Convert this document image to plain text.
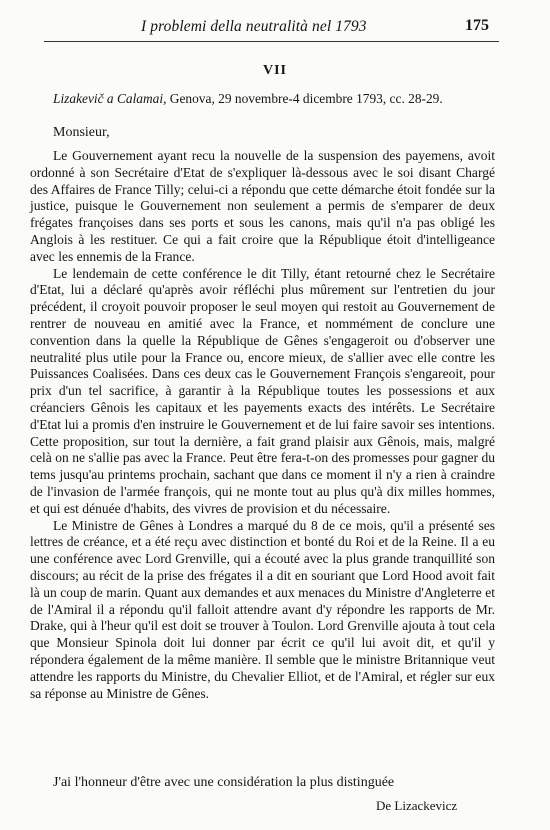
I problemi della neutralità nel 1793	175
VII
Lizakevič a Calamai, Genova, 29 novembre-4 dicembre 1793, cc. 28-29.
Monsieur,

Le Gouvernement ayant recu la nouvelle de la suspension des payemens, avoit ordonné à son Secrétaire d'Etat de s'expliquer là-dessous avec le soi disant Chargé des Affaires de France Tilly; celui-ci a répondu que cette démarche étoit fondée sur la justice, puisque le Gouvernement non seulement a permis de s'emparer de deux frégates françoises dans ses ports et sous les canons, mais qu'il n'a pas obligé les Anglois à les restituer. Ce qui a fait croire que la République étoit d'intelligeance avec les ennemis de la France.

Le lendemain de cette conférence le dit Tilly, étant retourné chez le Secrétaire d'Etat, lui a déclaré qu'après avoir réfléchi plus mûrement sur l'entretien du jour précédent, il croyoit pouvoir proposer le seul moyen qui restoit au Gouvernement de rentrer de nouveau en amitié avec la France, et nommément de conclure une convention dans la quelle la République de Gênes s'engageroit ou d'observer une neutralité plus utile pour la France ou, encore mieux, de s'allier avec elle contre les Puissances Coalisées. Dans ces deux cas le Gouvernement François s'engareoit, pour prix d'un tel sacrifice, à garantir à la République toutes les possessions et aux créanciers Gênois les capitaux et les payements exacts des intérêts. Le Secrétaire d'Etat lui a promis d'en instruire le Gouvernement et de lui faire savoir ses intentions. Cette proposition, sur tout la dernière, a fait grand plaisir aux Gênois, mais, malgré celà on ne s'allie pas avec la France. Peut être fera-t-on des promesses pour gagner du tems jusqu'au printems prochain, sachant que dans ce moment il n'y a rien à craindre de l'invasion de l'armée françois, qui ne monte tout au plus qu'à dix milles hommes, et qui est dénuée d'habits, des vivres de provision et du nécessaire.

Le Ministre de Gênes à Londres a marqué du 8 de ce mois, qu'il a présenté ses lettres de créance, et a été reçu avec distinction et bonté du Roi et de la Reine. Il a eu une conférence avec Lord Grenville, qui a écouté avec la plus grande tranquillité son discours; au récit de la prise des frégates il a dit en souriant que Lord Hood avoit fait là un coup de marin. Quant aux demandes et aux menaces du Ministre d'Angleterre et de l'Amiral il a répondu qu'il falloit attendre avant d'y répondre les rapports de Mr. Drake, qui à l'heur qu'il est doit se trouver à Toulon. Lord Grenville ajouta à tout cela que Monsieur Spinola doit lui donner par écrit ce qu'il lui avoit dit, et qu'il y répondera également de la même manière. Il semble que le ministre Britannique veut attendre les rapports du Ministre, du Chevalier Elliot, et de l'Amiral, et régler sur eux sa réponse au Ministre de Gênes.

J'ai l'honneur d'être avec une considération la plus distinguée
De Lizackevicz
